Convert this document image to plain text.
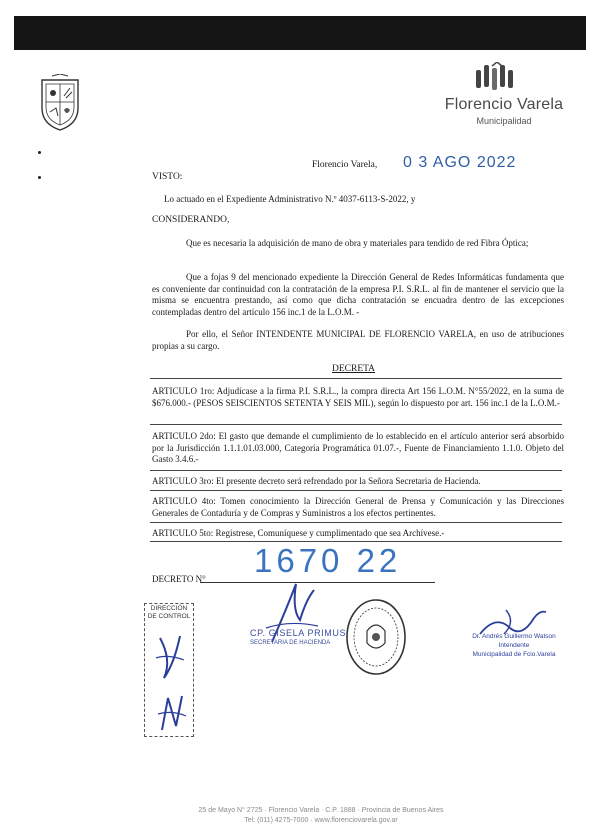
Florencio Varela
Municipalidad
Florencio Varela, 0 3 AGO 2022
VISTO:
Lo actuado en el Expediente Administrativo N.º 4037-6113-S-2022, y
CONSIDERANDO,
Que es necesaria la adquisición de mano de obra y materiales para tendido de red Fibra Óptica;
Que a fojas 9 del mencionado expediente la Dirección General de Redes Informáticas fundamenta que es conveniente dar continuidad con la contratación de la empresa P.I. S.R.L. al fin de mantener el servicio que la misma se encuentra prestando, así como que dicha contratación se encuadra dentro de las excepciones contempladas dentro del artículo 156 inc.1 de la L.O.M. -
Por ello, el Señor INTENDENTE MUNICIPAL DE FLORENCIO VARELA, en uso de atribuciones propias a su cargo.
DECRETA
ARTICULO 1ro: Adjudícase a la firma P.I. S.R.L., la compra directa Art 156 L.O.M. N°55/2022, en la suma de $676.000.- (PESOS SEISCIENTOS SETENTA Y SEIS MIL), según lo dispuesto por art. 156 inc.1 de la L.O.M.-
ARTICULO 2do: El gasto que demande el cumplimiento de lo establecido en el artículo anterior será absorbido por la Jurisdicción 1.1.1.01.03.000, Categoría Programática 01.07.-, Fuente de Financiamiento 1.1.0. Objeto del Gasto 3.4.6.-
ARTICULO 3ro: El presente decreto será refrendado por la Señora Secretaria de Hacienda.
ARTICULO 4to: Tomen conocimiento la Dirección General de Prensa y Comunicación y las Direcciones Generales de Contaduría y de Compras y Suministros a los efectos pertinentes.
ARTICULO 5to: Regístrese, Comuníquese y cumplimentado que sea Archívese.-
1670 22
DECRETO N°
DIRECCIÓN DE CONTROL
CP. GISELA PRIMUS
SECRETARIA DE HACIENDA
Dr. Andrés Guillermo Watson
Intendente
Municipalidad de Fcio.Varela
25 de Mayo N° 2725 · Florencio Varela · C.P. 1888 · Provincia de Buenos Aires
Tel: (011) 4275-7000 · www.florenciovarela.gov.ar
